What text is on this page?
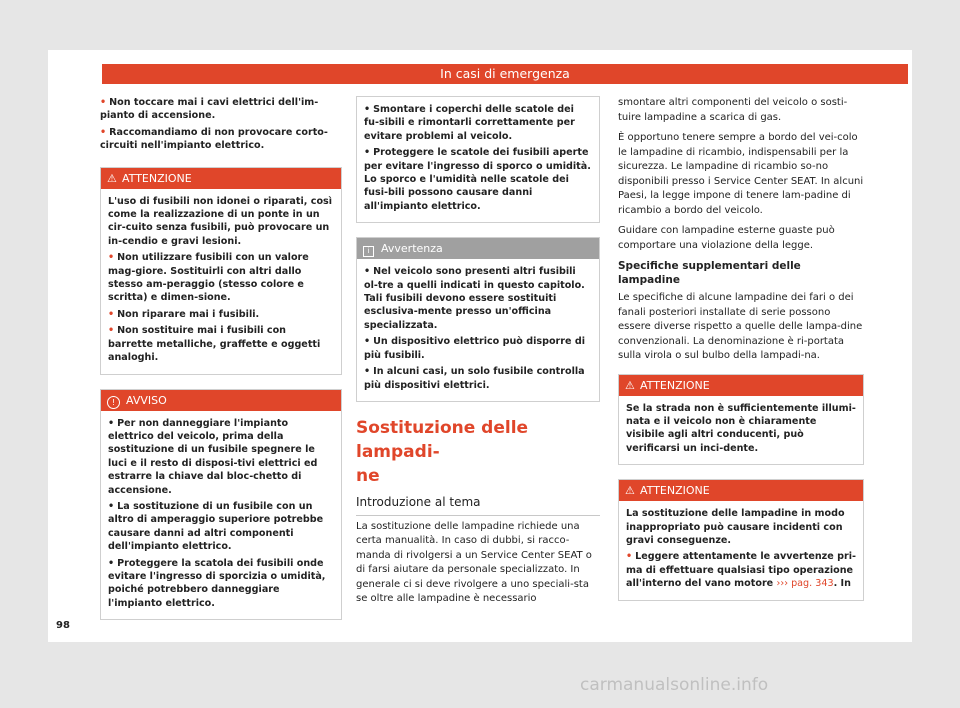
In casi di emergenza

• Non toccare mai i cavi elettrici dell'im-pianto di accensione.

• Raccomandiamo di non provocare corto-circuiti nell'impianto elettrico.

⚠ ATTENZIONE

L'uso di fusibili non idonei o riparati, così come la realizzazione di un ponte in un cir-cuito senza fusibili, può provocare un in-cendio e gravi lesioni.

• Non utilizzare fusibili con un valore mag-giore. Sostituirli con altri dallo stesso am-peraggio (stesso colore e scritta) e dimen-sione.

• Non riparare mai i fusibili.

• Non sostituire mai i fusibili con barrette metalliche, graffette e oggetti analoghi.

! AVVISO

• Per non danneggiare l'impianto elettrico del veicolo, prima della sostituzione di un fusibile spegnere le luci e il resto di disposi-tivi elettrici ed estrarre la chiave dal bloc-chetto di accensione.

• La sostituzione di un fusibile con un altro di amperaggio superiore potrebbe causare danni ad altri componenti dell'impianto elettrico.

• Proteggere la scatola dei fusibili onde evitare l'ingresso di sporcizia o umidità, poiché potrebbero danneggiare l'impianto elettrico.

• Smontare i coperchi delle scatole dei fu-sibili e rimontarli correttamente per evitare problemi al veicolo.

• Proteggere le scatole dei fusibili aperte per evitare l'ingresso di sporco o umidità. Lo sporco e l'umidità nelle scatole dei fusi-bili possono causare danni all'impianto elettrico.

i Avvertenza

• Nel veicolo sono presenti altri fusibili ol-tre a quelli indicati in questo capitolo. Tali fusibili devono essere sostituiti esclusiva-mente presso un'officina specializzata.

• Un dispositivo elettrico può disporre di più fusibili.

• In alcuni casi, un solo fusibile controlla più dispositivi elettrici.

Sostituzione delle lampadi-
ne
Introduzione al tema

La sostituzione delle lampadine richiede una certa manualità. In caso di dubbi, si racco-manda di rivolgersi a un Service Center SEAT o di farsi aiutare da personale specializzato. In generale ci si deve rivolgere a uno speciali-sta se oltre alle lampadine è necessario

smontare altri componenti del veicolo o sosti-tuire lampadine a scarica di gas.

È opportuno tenere sempre a bordo del vei-colo le lampadine di ricambio, indispensabili per la sicurezza. Le lampadine di ricambio so-no disponibili presso i Service Center SEAT. In alcuni Paesi, la legge impone di tenere lam-padine di ricambio a bordo del veicolo.

Guidare con lampadine esterne guaste può comportare una violazione della legge.

Specifiche supplementari delle lampadine

Le specifiche di alcune lampadine dei fari o dei fanali posteriori installate di serie possono essere diverse rispetto a quelle delle lampa-dine convenzionali. La denominazione è ri-portata sulla virola o sul bulbo della lampadi-na.

⚠ ATTENZIONE

Se la strada non è sufficientemente illumi-nata e il veicolo non è chiaramente visibile agli altri conducenti, può verificarsi un inci-dente.

⚠ ATTENZIONE

La sostituzione delle lampadine in modo inappropriato può causare incidenti con gravi conseguenze.

• Leggere attentamente le avvertenze pri-ma di effettuare qualsiasi tipo operazione all'interno del vano motore ››› pag. 343. In

98
carmanualsonline.info
